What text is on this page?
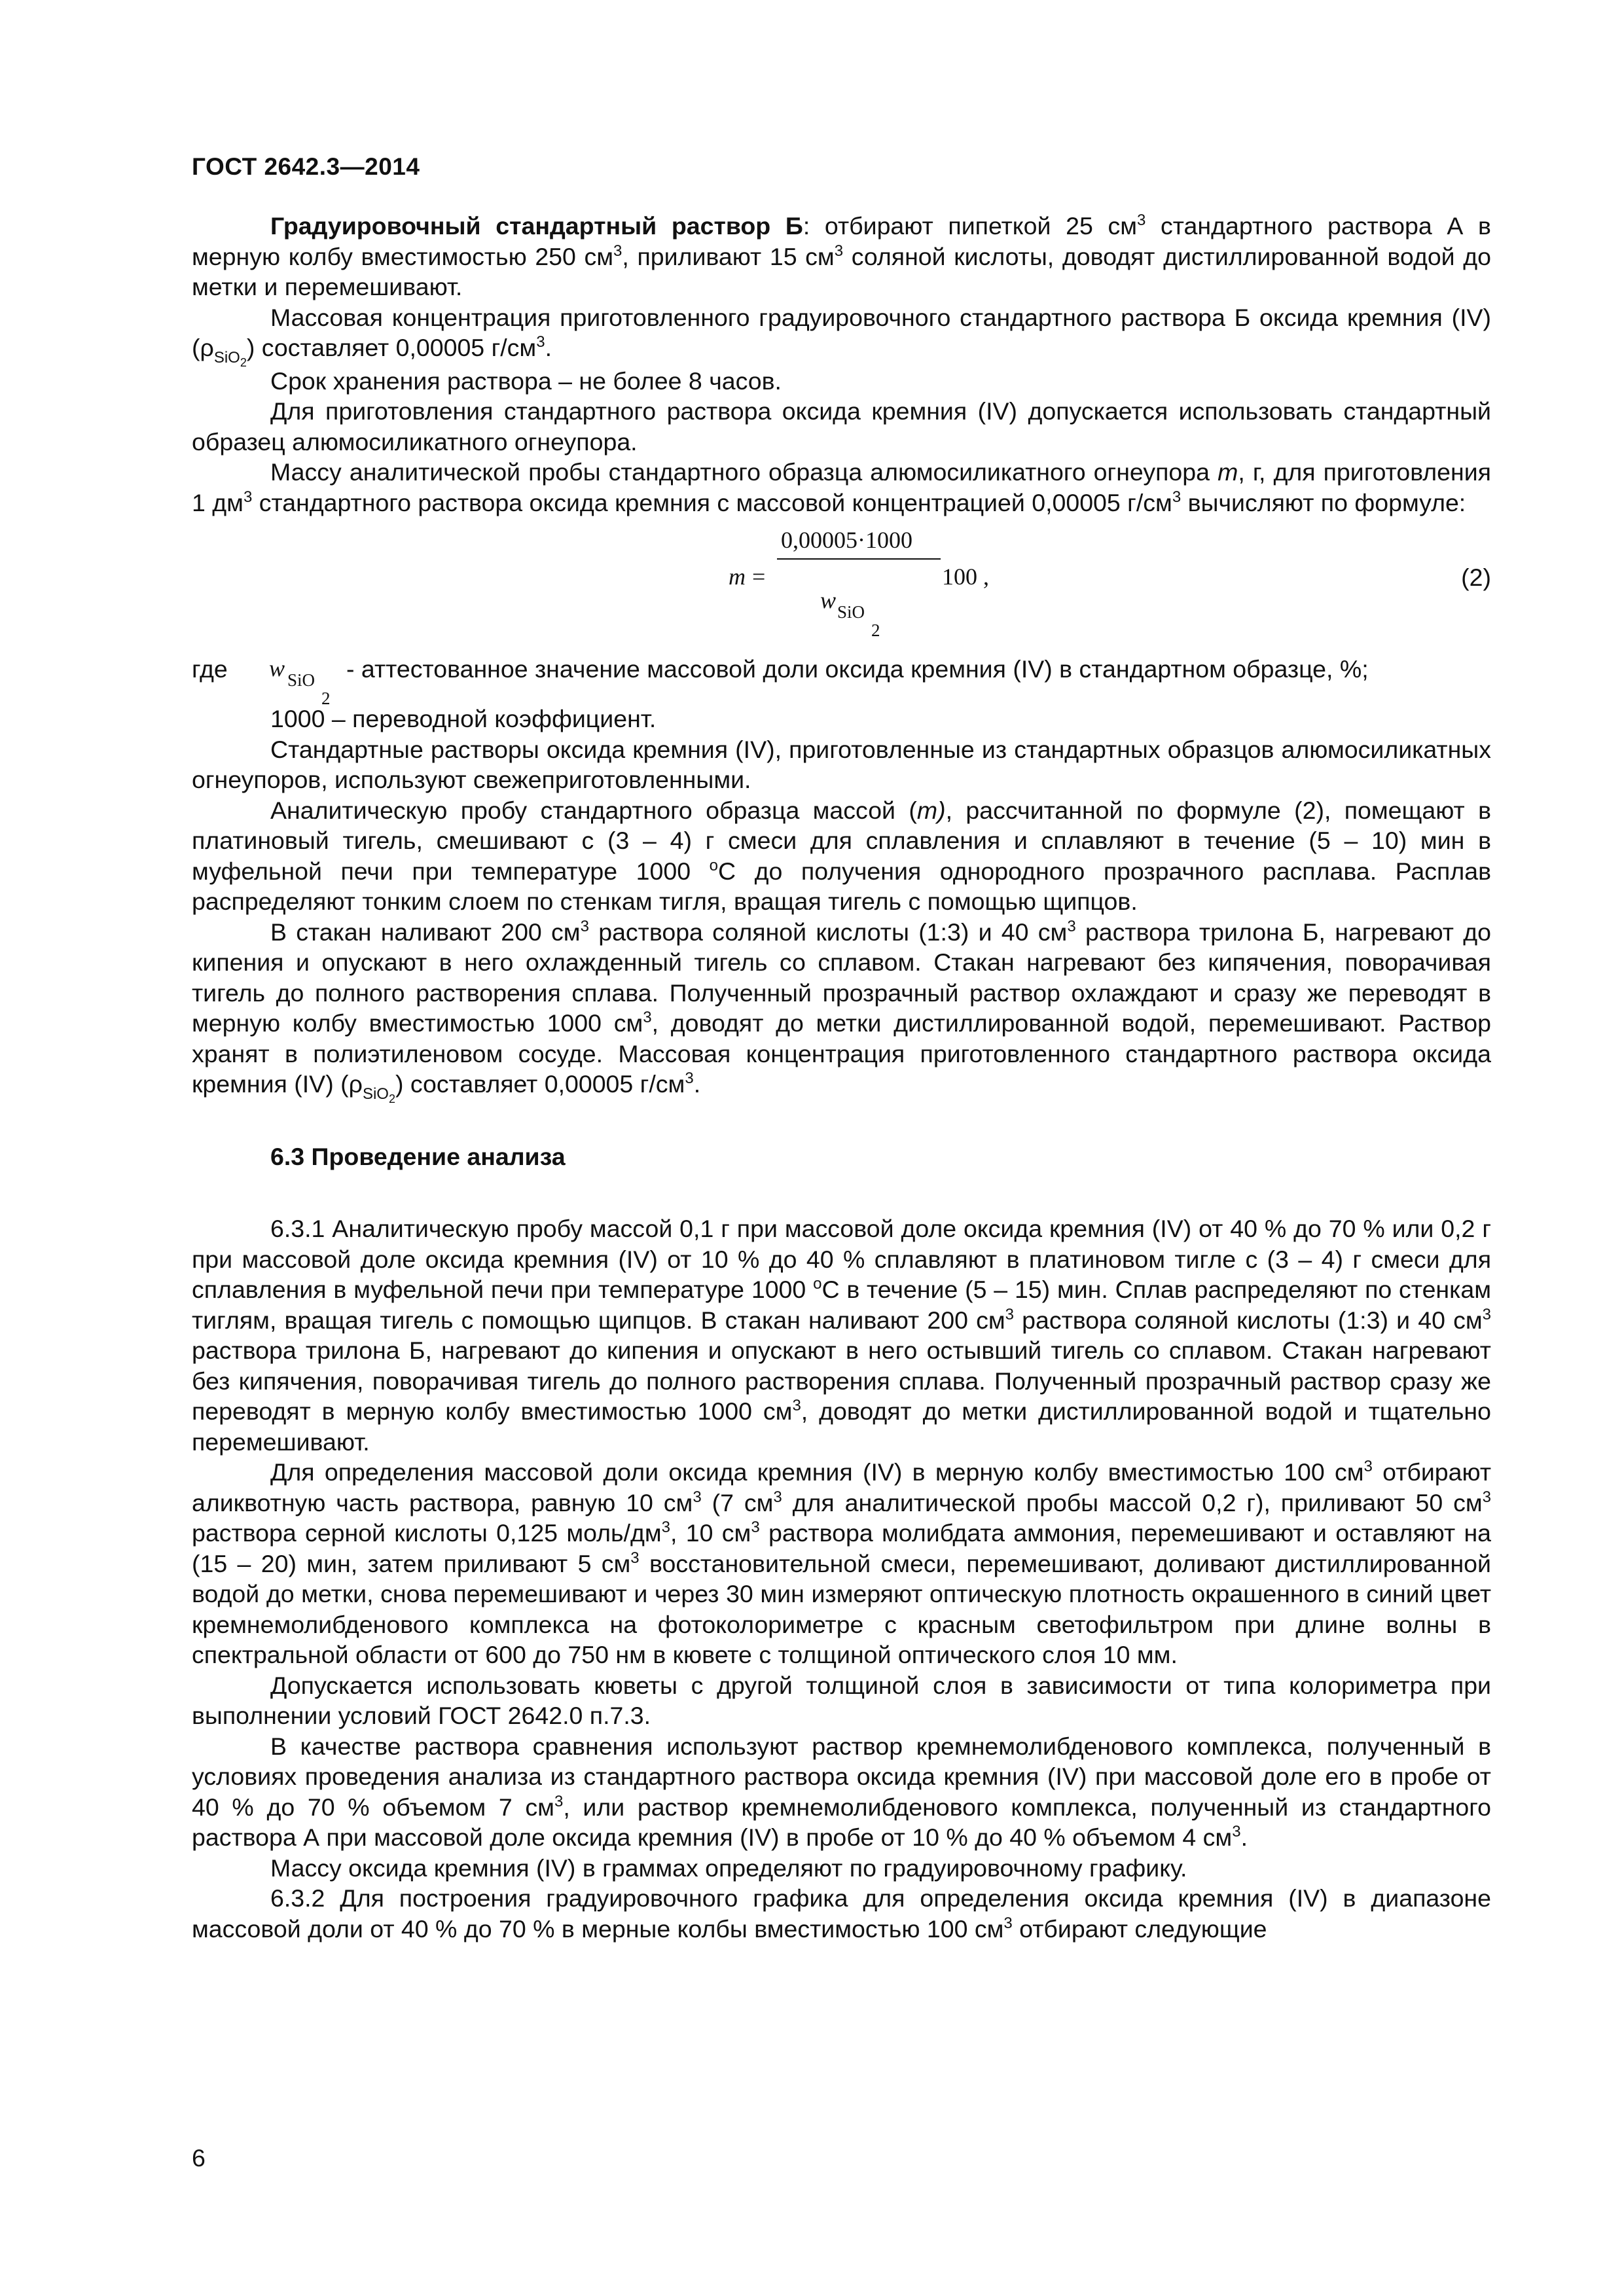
ГОСТ 2642.3—2014

Градуировочный стандартный раствор Б: отбирают пипеткой 25 $см^3$ стандартного раствора А в мерную колбу вместимостью 250 $см^3$, приливают 15 $см^3$ соляной кислоты, доводят дистиллированной водой до метки и перемешивают.

Массовая концентрация приготовленного градуировочного стандартного раствора Б оксида кремния (IV) $(\rho_{SiO_2})$ составляет 0,00005 $г/см^3$.

Срок хранения раствора – не более 8 часов.

Для приготовления стандартного раствора оксида кремния (IV) допускается использовать стандартный образец алюмосиликатного огнеупора.

Массу аналитической пробы стандартного образца алюмосиликатного огнеупора m, г, для приготовления 1 $дм^3$ стандартного раствора оксида кремния с массовой концентрацией 0,00005 $г/см^3$ вычисляют по формуле:

m =
0,00005·1000
w SiO
2
100 ,	(2)
где w SiO
2
- аттестованное значение массовой доли оксида кремния (IV) в стандартном образце, %;

1000 – переводной коэффициент.

Стандартные растворы оксида кремния (IV), приготовленные из стандартных образцов алюмосиликатных огнеупоров, используют свежеприготовленными.

Аналитическую пробу стандартного образца массой (m), рассчитанной по формуле (2), помещают в платиновый тигель, смешивают с (3 – 4) г смеси для сплавления и сплавляют в течение (5 – 10) мин в муфельной печи при температуре 1000 $^o$С до получения однородного прозрачного расплава. Расплав распределяют тонким слоем по стенкам тигля, вращая тигель с помощью щипцов.

В стакан наливают 200 $см^3$ раствора соляной кислоты (1:3) и 40 $см^3$ раствора трилона Б, нагревают до кипения и опускают в него охлажденный тигель со сплавом. Стакан нагревают без кипячения, поворачивая тигель до полного растворения сплава. Полученный прозрачный раствор охлаждают и сразу же переводят в мерную колбу вместимостью 1000 $см^3$, доводят до метки дистиллированной водой, перемешивают. Раствор хранят в полиэтиленовом сосуде. Массовая концентрация приготовленного стандартного раствора оксида кремния (IV) $(\rho_{SiO_2})$ составляет 0,00005 $г/см^3$.

6.3 Проведение анализа

6.3.1 Аналитическую пробу массой 0,1 г при массовой доле оксида кремния (IV) от 40 % до 70 % или 0,2 г при массовой доле оксида кремния (IV) от 10 % до 40 % сплавляют в платиновом тигле с (3 – 4) г смеси для сплавления в муфельной печи при температуре 1000 $^o$С в течение (5 – 15) мин. Сплав распределяют по стенкам тиглям, вращая тигель с помощью щипцов. В стакан наливают 200 $см^3$ раствора соляной кислоты (1:3) и 40 $см^3$ раствора трилона Б, нагревают до кипения и опускают в него остывший тигель со сплавом. Стакан нагревают без кипячения, поворачивая тигель до полного растворения сплава. Полученный прозрачный раствор сразу же переводят в мерную колбу вместимостью 1000 $см^3$, доводят до метки дистиллированной водой и тщательно перемешивают.

Для определения массовой доли оксида кремния (IV) в мерную колбу вместимостью 100 $см^3$ отбирают аликвотную часть раствора, равную 10 $см^3$ (7 $см^3$ для аналитической пробы массой 0,2 г), приливают 50 $см^3$ раствора серной кислоты 0,125 моль/$дм^3$, 10 $см^3$ раствора молибдата аммония, перемешивают и оставляют на (15 – 20) мин, затем приливают 5 $см^3$ восстановительной смеси, перемешивают, доливают дистиллированной водой до метки, снова перемешивают и через 30 мин измеряют оптическую плотность окрашенного в синий цвет кремнемолибденового комплекса на фотоколориметре с красным светофильтром при длине волны в спектральной области от 600 до 750 нм в кювете с толщиной оптического слоя 10 мм.

Допускается использовать кюветы с другой толщиной слоя в зависимости от типа колориметра при выполнении условий ГОСТ 2642.0 п.7.3.

В качестве раствора сравнения используют раствор кремнемолибденового комплекса, полученный в условиях проведения анализа из стандартного раствора оксида кремния (IV) при массовой доле его в пробе от 40 % до 70 % объемом 7 $см^3$, или раствор кремнемолибденового комплекса, полученный из стандартного раствора А при массовой доле оксида кремния (IV) в пробе от 10 % до 40 % объемом 4 $см^3$.

Массу оксида кремния (IV) в граммах определяют по градуировочному графику.

6.3.2 Для построения градуировочного графика для определения оксида кремния (IV) в диапазоне массовой доли от 40 % до 70 % в мерные колбы вместимостью 100 $см^3$ отбирают следующие

6
